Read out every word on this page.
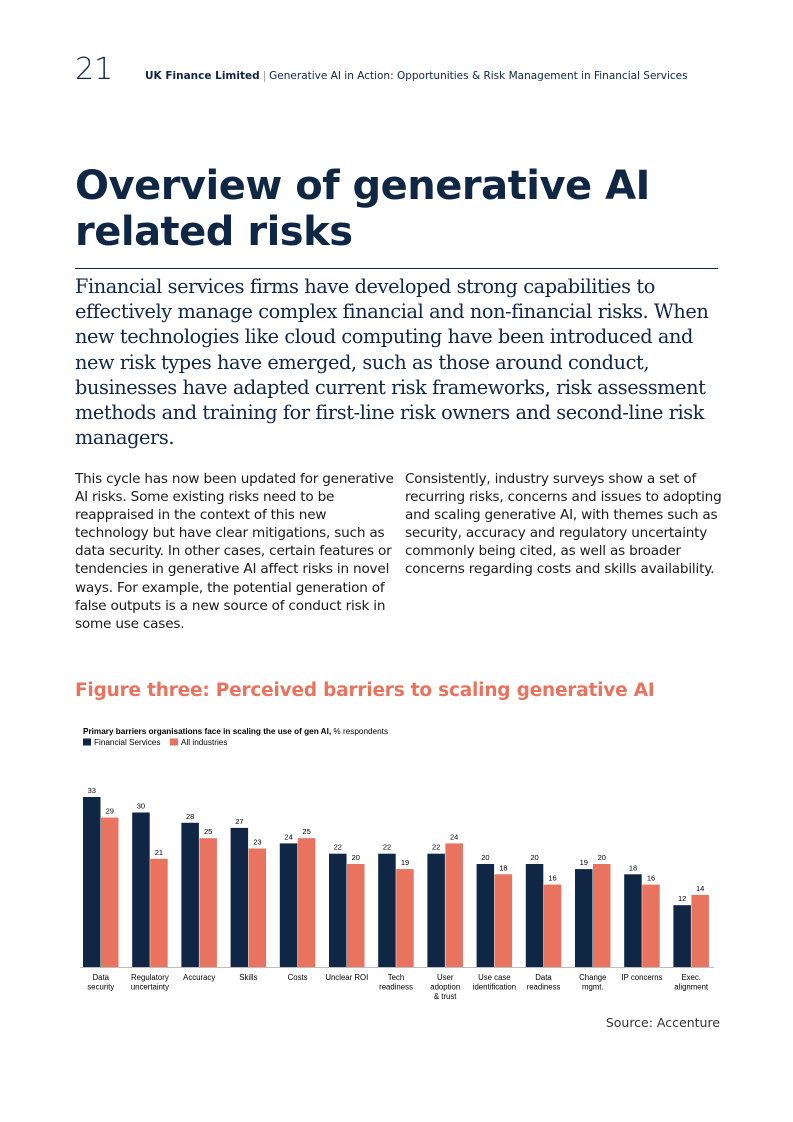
21	UK Finance Limited | Generative AI in Action: Opportunities & Risk Management in Financial Services
Overview of generative AI
related risks

Financial services firms have developed strong capabilities to effectively manage complex financial and non-financial risks. When new technologies like cloud computing have been introduced and new risk types have emerged, such as those around conduct, businesses have adapted current risk frameworks, risk assessment methods and training for first-line risk owners and second-line risk managers.

This cycle has now been updated for generative AI risks. Some existing risks need to be reappraised in the context of this new technology but have clear mitigations, such as data security. In other cases, certain features or tendencies in generative AI affect risks in novel ways. For example, the potential generation of false outputs is a new source of conduct risk in some use cases.

Consistently, industry surveys show a set of recurring risks, concerns and issues to adopting and scaling generative AI, with themes such as security, accuracy and regulatory uncertainty commonly being cited, as well as broader concerns regarding costs and skills availability.

Figure three: Perceived barriers to scaling generative AI
Primary barriers organisations face in scaling the use of gen AI, % respondents
Financial Services	All industries
33
29
Data
security
30
21
Regulatory
uncertainty
28
25
Accuracy
27
23
Skills
24
25
Costs
22
20
Unclear ROI
22
19
Tech
readiness
22
24
User
adoption
& trust
20
18
Use case
identification
20
16
Data
readiness
19
20
Change
mgmt.
18
16
IP concerns
12
14
Exec.
alignment
Source: Accenture
